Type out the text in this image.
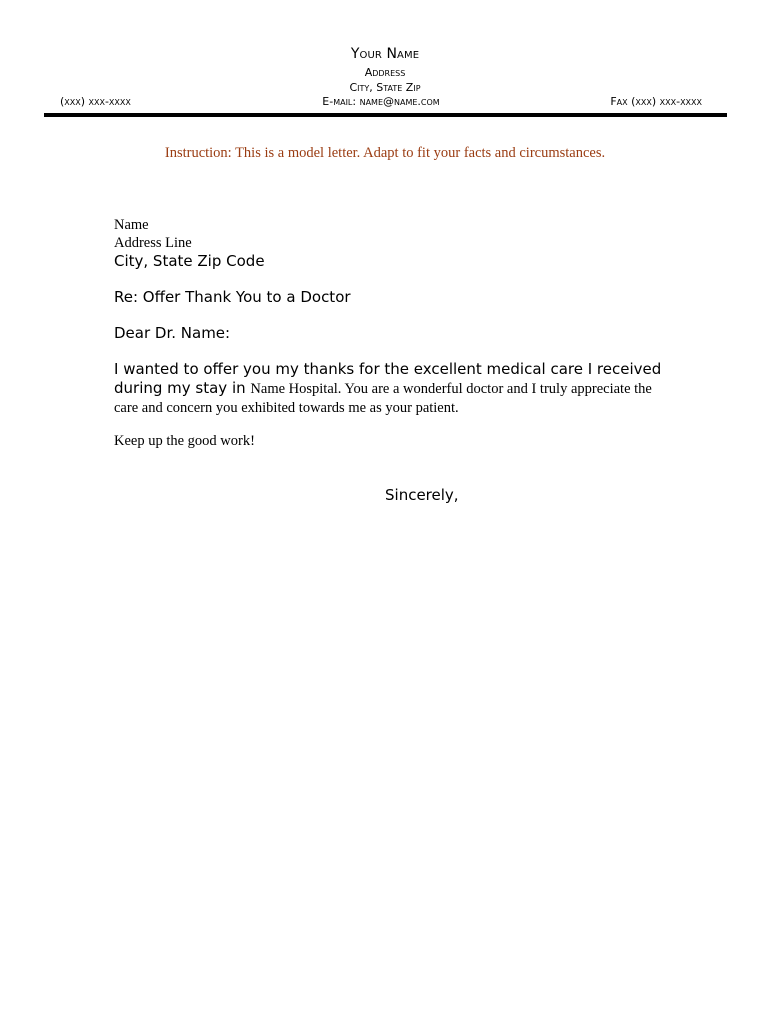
Your Name
Address
City, State Zip
(xxx) xxx-xxxx	E-mail: name@name.com	Fax (xxx) xxx-xxxx
Instruction: This is a model letter. Adapt to fit your facts and circumstances.
Name
Address Line
City, State Zip Code
Re: Offer Thank You to a Doctor
Dear Dr. Name:
I wanted to offer you my thanks for the excellent medical care I received
during my stay in Name Hospital. You are a wonderful doctor and I truly appreciate the
care and concern you exhibited towards me as your patient.
Keep up the good work!
Sincerely,
